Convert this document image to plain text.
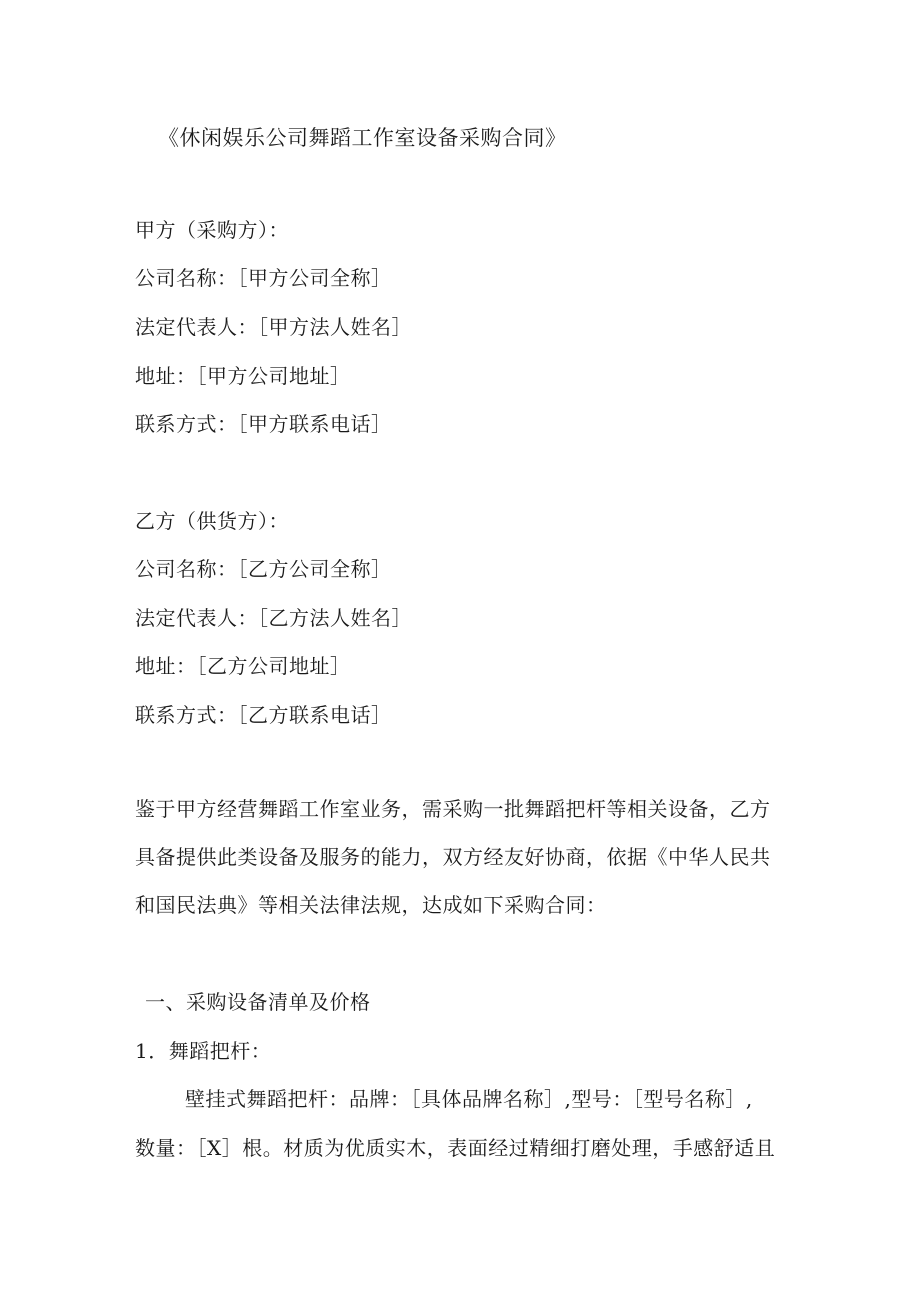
《休闲娱乐公司舞蹈工作室设备采购合同》
甲方（采购方）：
公司名称：［甲方公司全称］
法定代表人：［甲方法人姓名］
地址：［甲方公司地址］
联系方式：［甲方联系电话］
乙方（供货方）：
公司名称：［乙方公司全称］
法定代表人：［乙方法人姓名］
地址：［乙方公司地址］
联系方式：［乙方联系电话］
鉴于甲方经营舞蹈工作室业务，需采购一批舞蹈把杆等相关设备，乙方具备提供此类设备及服务的能力，双方经友好协商，依据《中华人民共和国民法典》等相关法律法规，达成如下采购合同：
一、采购设备清单及价格
1．舞蹈把杆：
壁挂式舞蹈把杆：品牌：［具体品牌名称］,型号：［型号名称］,
数量：［X］根。材质为优质实木，表面经过精细打磨处理，手感舒适且
